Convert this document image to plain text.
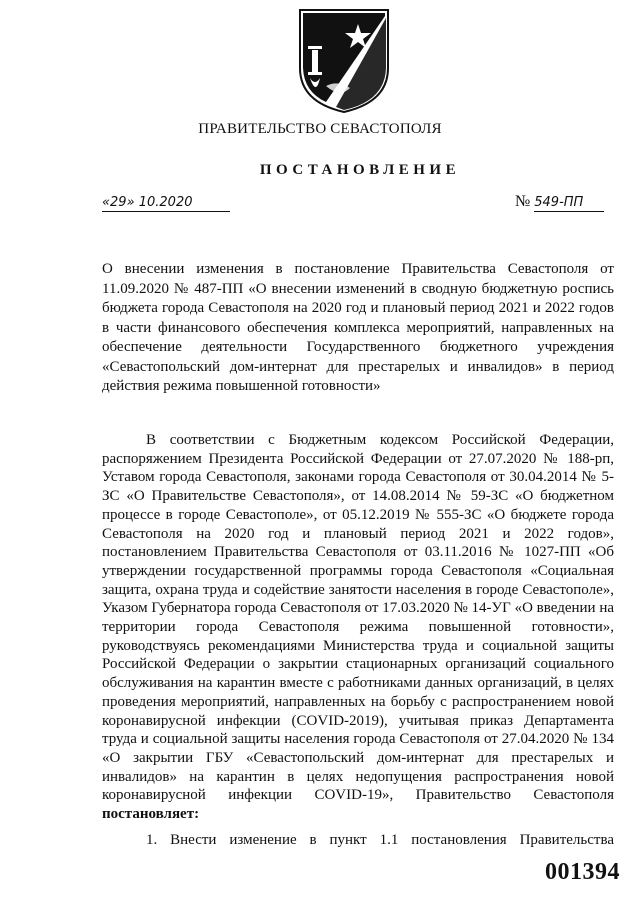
ПРАВИТЕЛЬСТВО СЕВАСТОПОЛЯ
ПОСТАНОВЛЕНИЕ
«29» 10.2020	№ 549-ПП
О внесении изменения в постановление Правительства Севастополя от 11.09.2020 № 487-ПП «О внесении изменений в сводную бюджетную роспись бюджета города Севастополя на 2020 год и плановый период 2021 и 2022 годов в части финансового обеспечения комплекса мероприятий, направленных на обеспечение деятельности Государственного бюджетного учреждения «Севастопольский дом-интернат для престарелых и инвалидов» в период действия режима повышенной готовности»
В соответствии с Бюджетным кодексом Российской Федерации, распоряжением Президента Российской Федерации от 27.07.2020 № 188-рп, Уставом города Севастополя, законами города Севастополя от 30.04.2014 № 5-ЗС «О Правительстве Севастополя», от 14.08.2014 № 59-ЗС «О бюджетном процессе в городе Севастополе», от 05.12.2019 № 555-ЗС «О бюджете города Севастополя на 2020 год и плановый период 2021 и 2022 годов», постановлением Правительства Севастополя от 03.11.2016 № 1027-ПП «Об утверждении государственной программы города Севастополя «Социальная защита, охрана труда и содействие занятости населения в городе Севастополе», Указом Губернатора города Севастополя от 17.03.2020 № 14-УГ «О введении на территории города Севастополя режима повышенной готовности», руководствуясь рекомендациями Министерства труда и социальной защиты Российской Федерации о закрытии стационарных организаций социального обслуживания на карантин вместе с работниками данных организаций, в целях проведения мероприятий, направленных на борьбу с распространением новой коронавирусной инфекции (COVID-2019), учитывая приказ Департамента труда и социальной защиты населения города Севастополя от 27.04.2020 № 134 «О закрытии ГБУ «Севастопольский дом-интернат для престарелых и инвалидов» на карантин в целях недопущения распространения новой коронавирусной инфекции COVID-19», Правительство Севастополя постановляет:
1. Внести изменение в пункт 1.1 постановления Правительства
001394
